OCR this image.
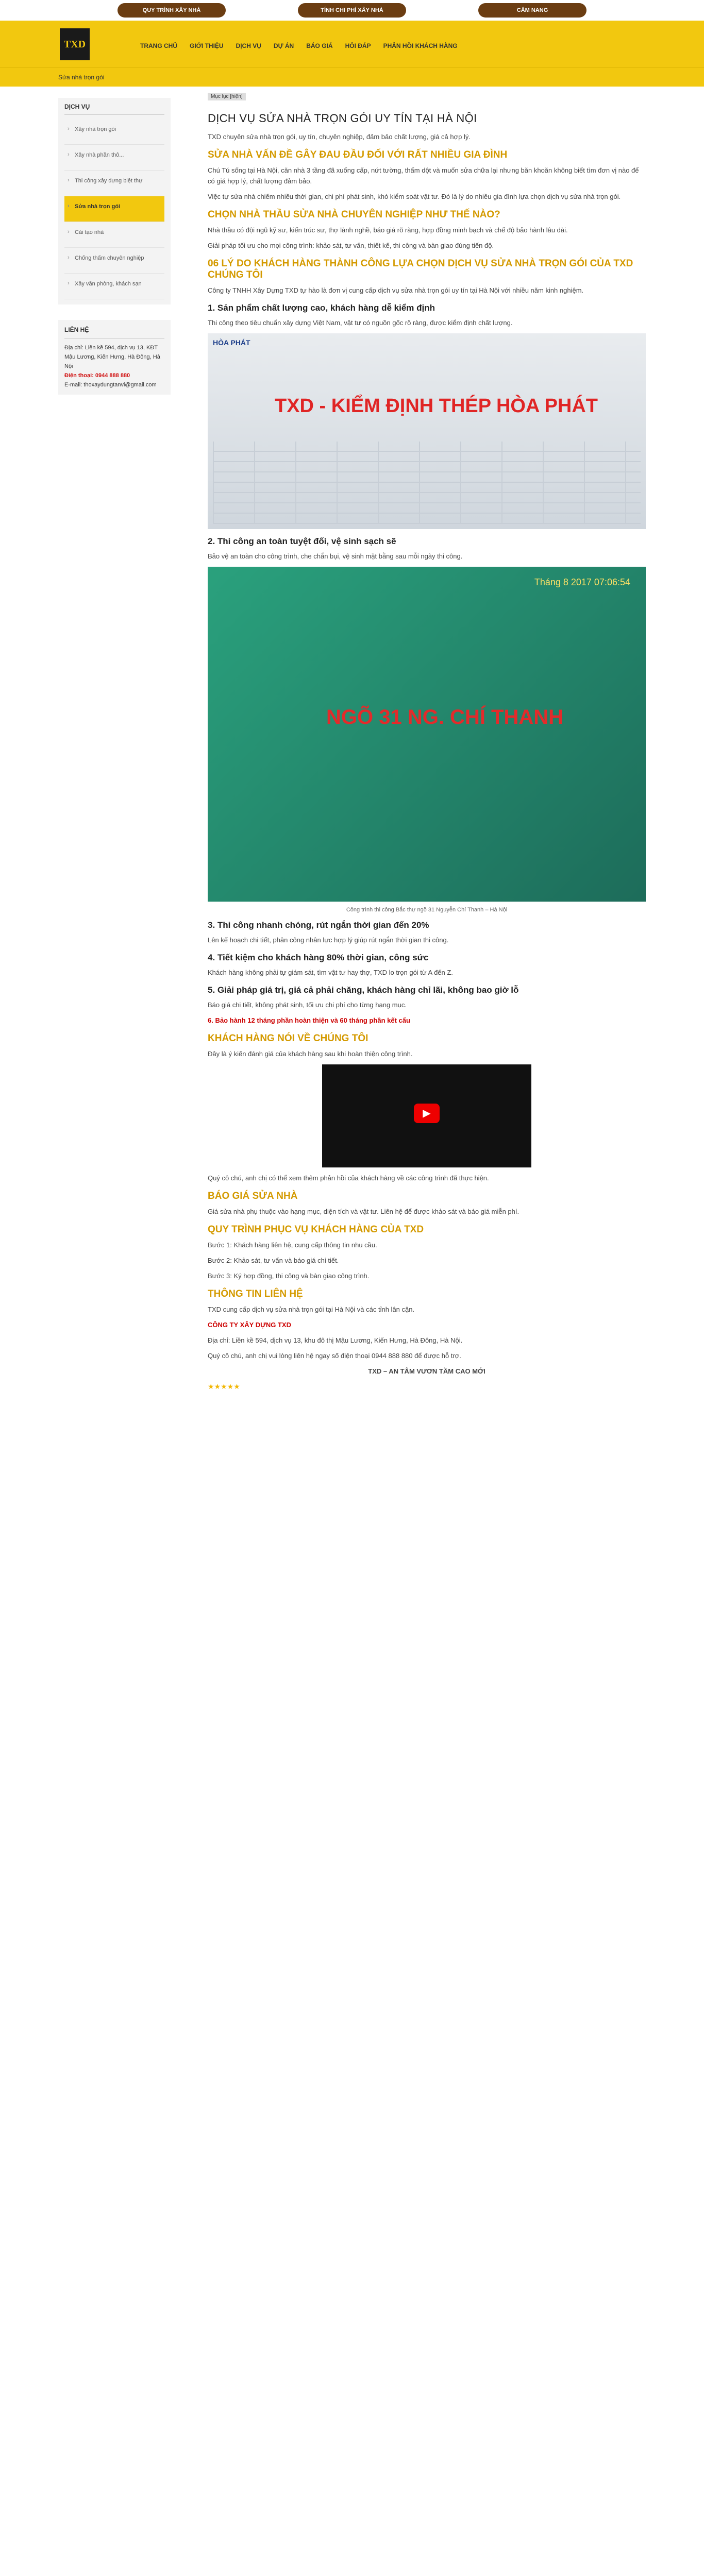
QUY TRÌNH XÂY NHÀ	TÍNH CHI PHÍ XÂY NHÀ	CẨM NANG
TXD	TRANG CHỦ GIỚI THIỆU DỊCH VỤ DỰ ÁN BÁO GIÁ HỎI ĐÁP PHẢN HỒI KHÁCH HÀNG
Sửa nhà trọn gói
DỊCH VỤ
› Xây nhà trọn gói
› Xây nhà phần thô...
› Thi công xây dựng biệt thự
› Sửa nhà trọn gói
› Cải tạo nhà
› Chống thấm chuyên nghiệp
› Xây văn phòng, khách sạn
LIÊN HỆ
Địa chỉ: Liền kề 594, dịch vụ 13, KĐT Mậu Lương, Kiến Hưng, Hà Đông, Hà Nội
Điện thoại: 0944 888 880
E-mail: thoxaydungtanvi@gmail.com
Mục lục [hiện]
DỊCH VỤ SỬA NHÀ TRỌN GÓI UY TÍN TẠI HÀ NỘI

TXD chuyên sửa nhà trọn gói, uy tín, chuyên nghiệp, đảm bảo chất lượng, giá cả hợp lý.

SỬA NHÀ VẤN ĐỀ GÂY ĐAU ĐẦU ĐỐI VỚI RẤT NHIỀU GIA ĐÌNH

Chú Tú sống tại Hà Nội, căn nhà 3 tầng đã xuống cấp, nứt tường, thấm dột và muốn sửa chữa lại nhưng băn khoăn không biết tìm đơn vị nào để có giá hợp lý, chất lượng đảm bảo.

Việc tự sửa nhà chiếm nhiều thời gian, chi phí phát sinh, khó kiểm soát vật tư. Đó là lý do nhiều gia đình lựa chọn dịch vụ sửa nhà trọn gói.

CHỌN NHÀ THẦU SỬA NHÀ CHUYÊN NGHIỆP NHƯ THẾ NÀO?

Nhà thầu có đội ngũ kỹ sư, kiến trúc sư, thợ lành nghề, báo giá rõ ràng, hợp đồng minh bạch và chế độ bảo hành lâu dài.

Giải pháp tối ưu cho mọi công trình: khảo sát, tư vấn, thiết kế, thi công và bàn giao đúng tiến độ.

06 LÝ DO KHÁCH HÀNG THÀNH CÔNG LỰA CHỌN DỊCH VỤ SỬA NHÀ TRỌN GÓI CỦA TXD CHÚNG TÔI

Công ty TNHH Xây Dựng TXD tự hào là đơn vị cung cấp dịch vụ sửa nhà trọn gói uy tín tại Hà Nội với nhiều năm kinh nghiệm.

1. Sản phẩm chất lượng cao, khách hàng dễ kiểm định

Thi công theo tiêu chuẩn xây dựng Việt Nam, vật tư có nguồn gốc rõ ràng, được kiểm định chất lượng.

HÒA PHÁT
TXD - KIỂM ĐỊNH THÉP HÒA PHÁT
2. Thi công an toàn tuyệt đối, vệ sinh sạch sẽ

Bảo vệ an toàn cho công trình, che chắn bụi, vệ sinh mặt bằng sau mỗi ngày thi công.

Tháng 8 2017 07:06:54
NGÕ 31 NG. CHÍ THANH
Công trình thi công Bắc thự ngõ 31 Nguyễn Chí Thanh – Hà Nội
3. Thi công nhanh chóng, rút ngắn thời gian đến 20%

Lên kế hoạch chi tiết, phân công nhân lực hợp lý giúp rút ngắn thời gian thi công.

4. Tiết kiệm cho khách hàng 80% thời gian, công sức

Khách hàng không phải tự giám sát, tìm vật tư hay thợ, TXD lo trọn gói từ A đến Z.

5. Giải pháp giá trị, giá cả phải chăng, khách hàng chỉ lãi, không bao giờ lỗ

Báo giá chi tiết, không phát sinh, tối ưu chi phí cho từng hạng mục.

6. Bảo hành 12 tháng phần hoàn thiện và 60 tháng phần kết cấu

KHÁCH HÀNG NÓI VỀ CHÚNG TÔI

Đây là ý kiến đánh giá của khách hàng sau khi hoàn thiện công trình.

▶

Quý cô chú, anh chị có thể xem thêm phản hồi của khách hàng về các công trình đã thực hiện.

BÁO GIÁ SỬA NHÀ

Giá sửa nhà phụ thuộc vào hạng mục, diện tích và vật tư. Liên hệ để được khảo sát và báo giá miễn phí.

QUY TRÌNH PHỤC VỤ KHÁCH HÀNG CỦA TXD

Bước 1: Khách hàng liên hệ, cung cấp thông tin nhu cầu.

Bước 2: Khảo sát, tư vấn và báo giá chi tiết.

Bước 3: Ký hợp đồng, thi công và bàn giao công trình.

THÔNG TIN LIÊN HỆ

TXD cung cấp dịch vụ sửa nhà trọn gói tại Hà Nội và các tỉnh lân cận.

CÔNG TY XÂY DỰNG TXD

Địa chỉ: Liền kề 594, dịch vụ 13, khu đô thị Mậu Lương, Kiến Hưng, Hà Đông, Hà Nội.

Quý cô chú, anh chị vui lòng liên hệ ngay số điện thoại 0944 888 880 để được hỗ trợ.

TXD – AN TÂM VƯƠN TẦM CAO MỚI

★★★★★
